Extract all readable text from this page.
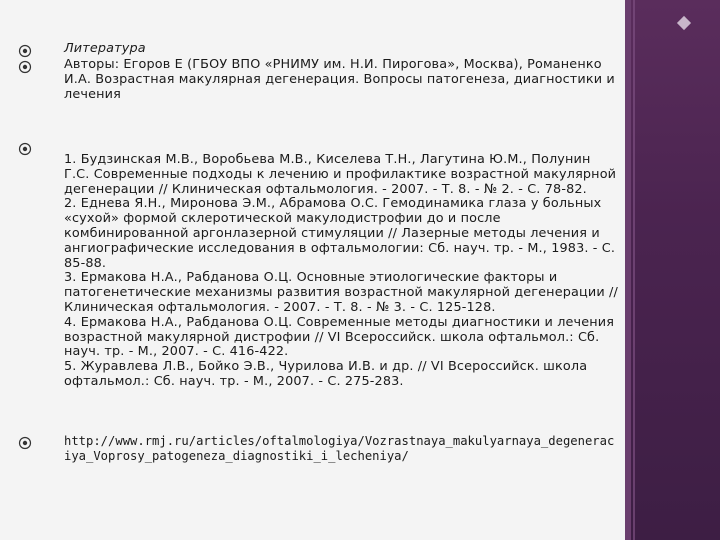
Литература
Авторы: Егоров Е (ГБОУ ВПО «РНИМУ им. Н.И. Пирогова», Москва), Романенко И.А. Возрастная макулярная дегенерация. Вопросы патогенеза, диагностики и лечения

1. Будзинская М.В., Воробьева М.В., Киселева Т.Н., Лагутина Ю.М., Полунин Г.С. Современные подходы к лечению и профилактике возрастной макулярной дегенерации // Клиническая офтальмология. - 2007. - Т. 8. - № 2. - С. 78-82.

2. Еднева Я.Н., Миронова Э.М., Абрамова О.С. Гемодинамика глаза у больных «сухой» формой склеротической макулодистрофии до и после комбинированной аргонлазерной стимуляции // Лазерные методы лечения и ангиографические исследования в офтальмологии: Сб. науч. тр. - М., 1983. - С. 85-88.

3. Ермакова Н.А., Рабданова О.Ц. Основные этиологические факторы и патогенетические механизмы развития возрастной макулярной дегенерации // Клиническая офтальмология. - 2007. - Т. 8. - № 3. - С. 125-128.

4. Ермакова Н.А., Рабданова О.Ц. Современные методы диагностики и лечения возрастной макулярной дистрофии // VI Всероссийск. школа офтальмол.: Сб. науч. тр. - М., 2007. - С. 416-422.

5. Журавлева Л.В., Бойко Э.В., Чурилова И.В. и др. // VI Всероссийск. школа офтальмол.: Сб. науч. тр. - М., 2007. - С. 275-283.

http://www.rmj.ru/articles/oftalmologiya/Vozrastnaya_makulyarnaya_degeneraciya_Voprosy_patogeneza_diagnostiki_i_lecheniya/
